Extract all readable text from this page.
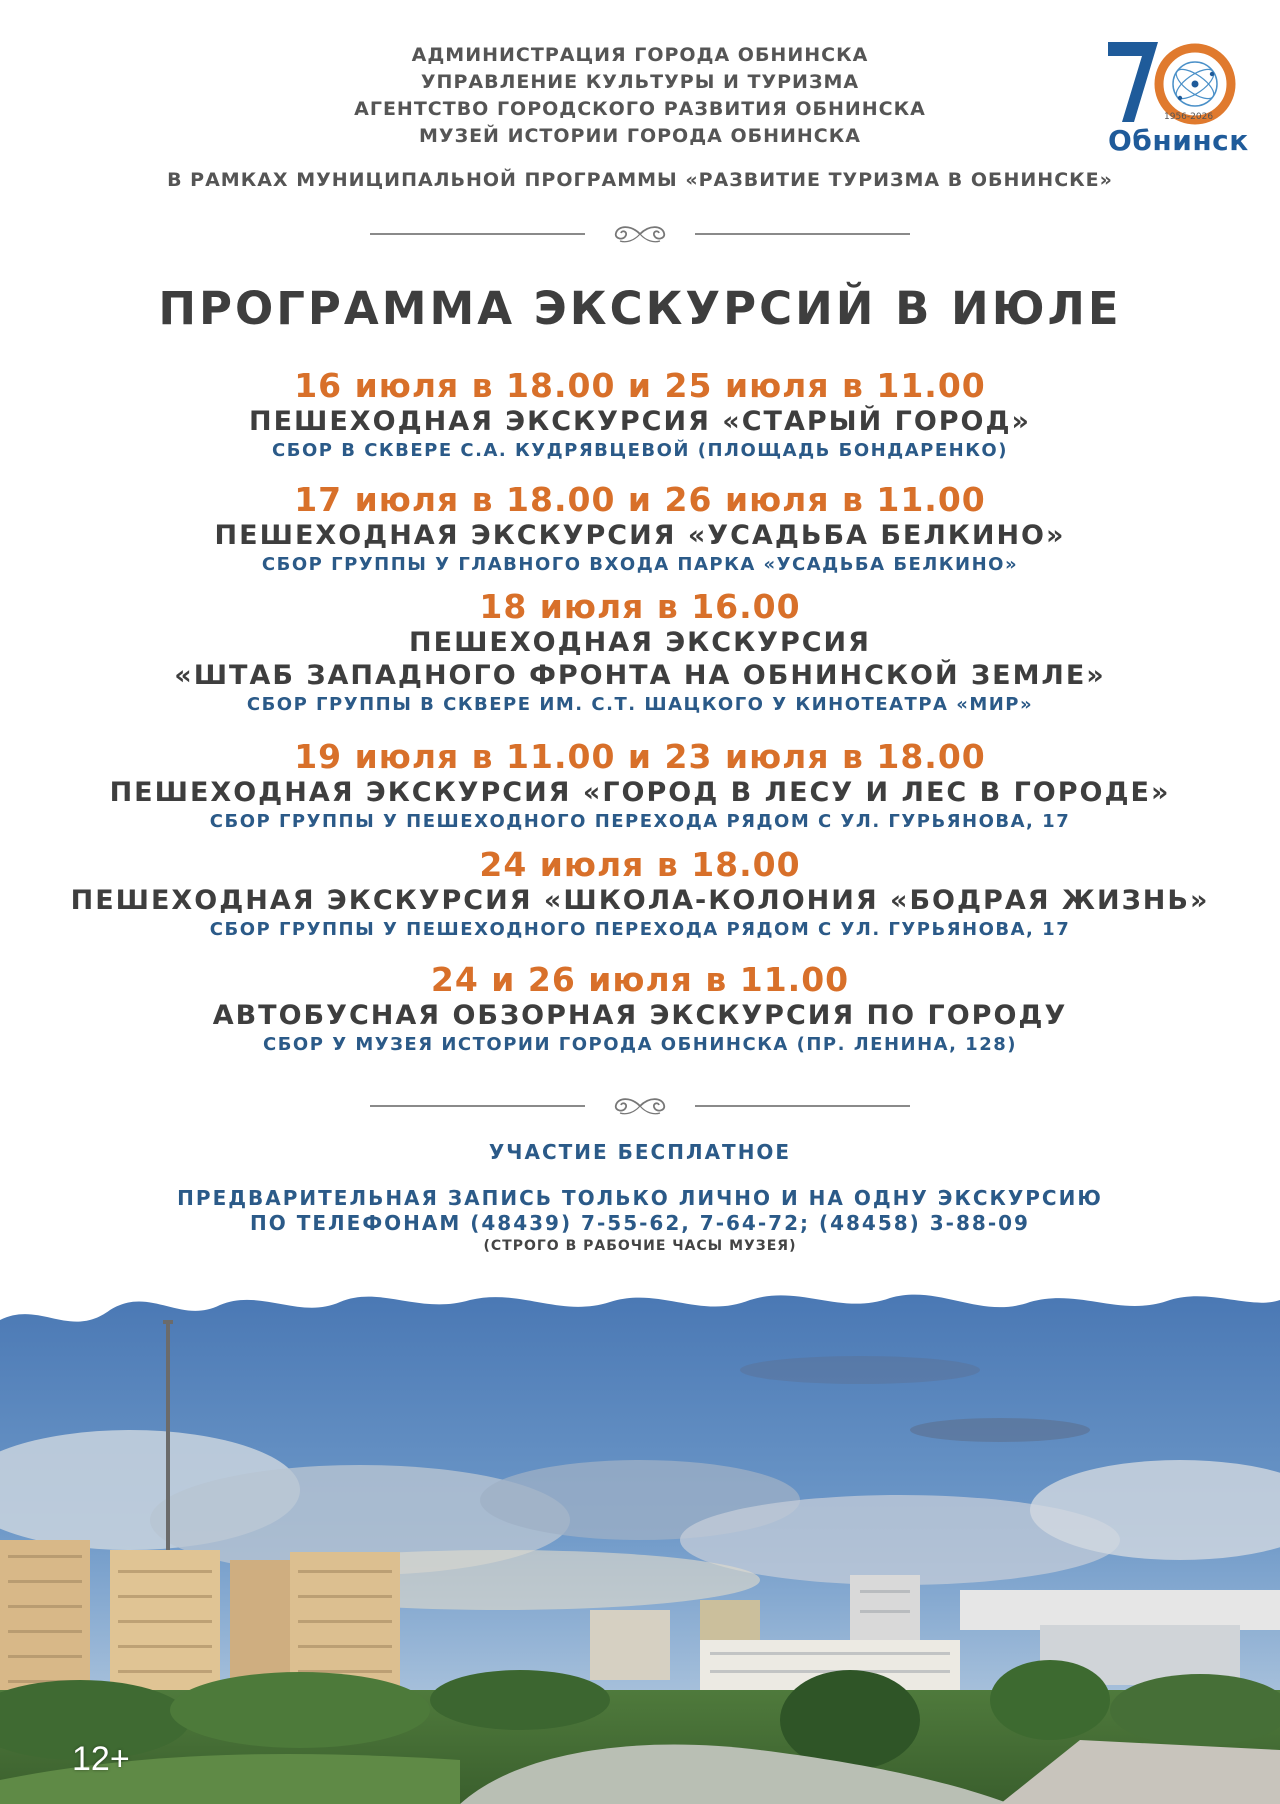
АДМИНИСТРАЦИЯ ГОРОДА ОБНИНСКА
УПРАВЛЕНИЕ КУЛЬТУРЫ И ТУРИЗМА
АГЕНТСТВО ГОРОДСКОГО РАЗВИТИЯ ОБНИНСКА
МУЗЕЙ ИСТОРИИ ГОРОДА ОБНИНСКА
В РАМКАХ МУНИЦИПАЛЬНОЙ ПРОГРАММЫ «РАЗВИТИЕ ТУРИЗМА В ОБНИНСКЕ»
1956-2026
Обнинск
ПРОГРАММА ЭКСКУРСИЙ В ИЮЛЕ
16 июля в 18.00 и 25 июля в 11.00
ПЕШЕХОДНАЯ ЭКСКУРСИЯ «СТАРЫЙ ГОРОД»
СБОР В СКВЕРЕ С.А. КУДРЯВЦЕВОЙ (ПЛОЩАДЬ БОНДАРЕНКО)
17 июля в 18.00 и 26 июля в 11.00
ПЕШЕХОДНАЯ ЭКСКУРСИЯ «УСАДЬБА БЕЛКИНО»
СБОР ГРУППЫ У ГЛАВНОГО ВХОДА ПАРКА «УСАДЬБА БЕЛКИНО»
18 июля в 16.00
ПЕШЕХОДНАЯ ЭКСКУРСИЯ
«ШТАБ ЗАПАДНОГО ФРОНТА НА ОБНИНСКОЙ ЗЕМЛЕ»
СБОР ГРУППЫ В СКВЕРЕ ИМ. С.Т. ШАЦКОГО У КИНОТЕАТРА «МИР»
19 июля в 11.00 и 23 июля в 18.00
ПЕШЕХОДНАЯ ЭКСКУРСИЯ «ГОРОД В ЛЕСУ И ЛЕС В ГОРОДЕ»
СБОР ГРУППЫ У ПЕШЕХОДНОГО ПЕРЕХОДА РЯДОМ С УЛ. ГУРЬЯНОВА, 17
24 июля в 18.00
ПЕШЕХОДНАЯ ЭКСКУРСИЯ «ШКОЛА-КОЛОНИЯ «БОДРАЯ ЖИЗНЬ»
СБОР ГРУППЫ У ПЕШЕХОДНОГО ПЕРЕХОДА РЯДОМ С УЛ. ГУРЬЯНОВА, 17
24 и 26 июля в 11.00
АВТОБУСНАЯ ОБЗОРНАЯ ЭКСКУРСИЯ ПО ГОРОДУ
СБОР У МУЗЕЯ ИСТОРИИ ГОРОДА ОБНИНСКА (ПР. ЛЕНИНА, 128)
УЧАСТИЕ БЕСПЛАТНОЕ
ПРЕДВАРИТЕЛЬНАЯ ЗАПИСЬ ТОЛЬКО ЛИЧНО И НА ОДНУ ЭКСКУРСИЮ
ПО ТЕЛЕФОНАМ (48439) 7-55-62, 7-64-72; (48458) 3-88-09
(СТРОГО В РАБОЧИЕ ЧАСЫ МУЗЕЯ)
12+
